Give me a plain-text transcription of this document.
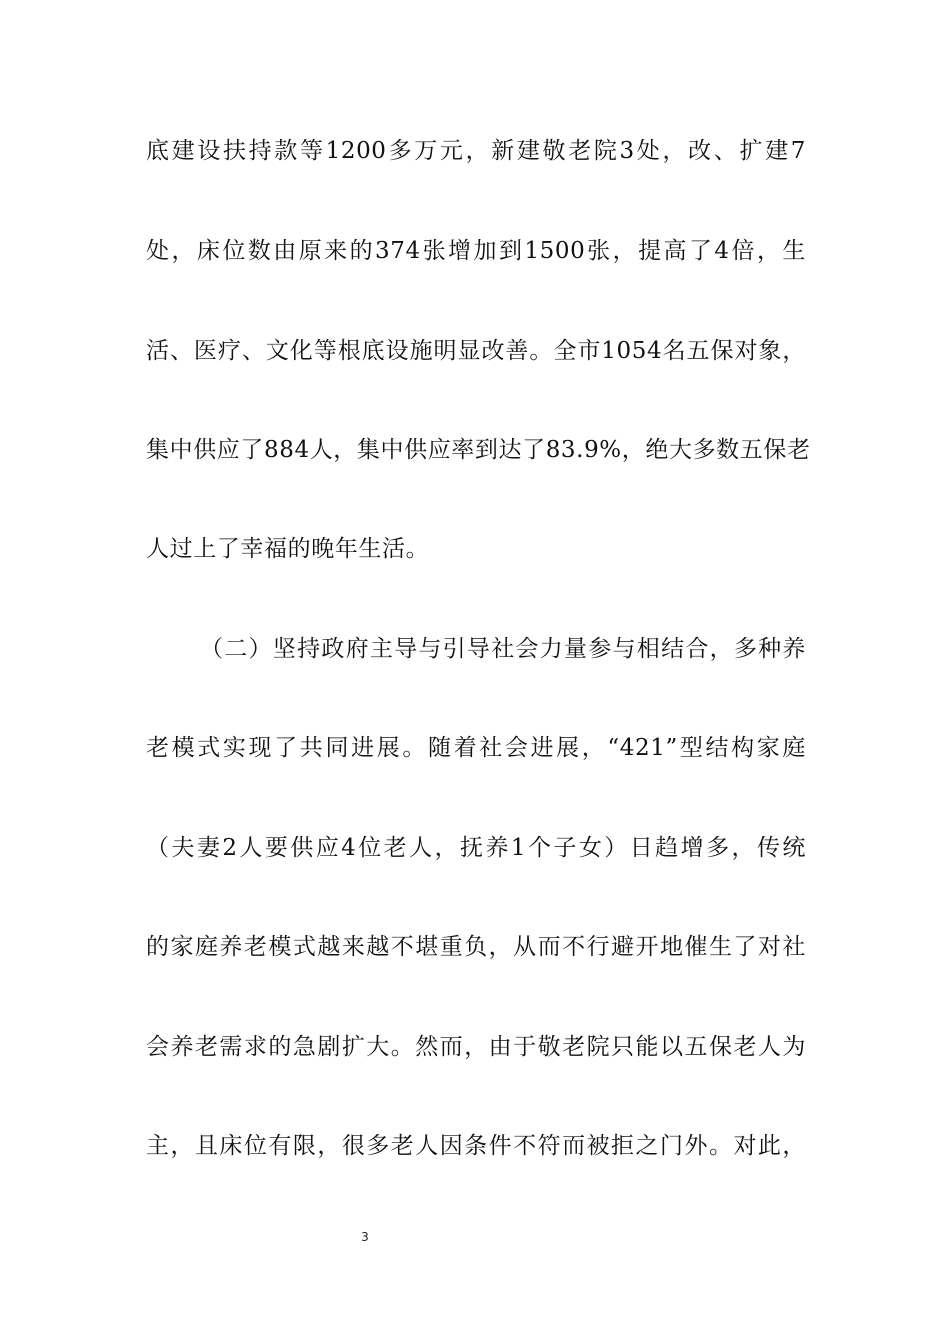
底建设扶持款等1200多万元，新建敬老院3处，改、扩建7
处，床位数由原来的374张增加到1500张，提高了4倍，生
活、医疗、文化等根底设施明显改善。全市1054名五保对象，
集中供应了884人，集中供应率到达了83.9%，绝大多数五保老
人过上了幸福的晚年生活。
（二）坚持政府主导与引导社会力量参与相结合，多种养
老模式实现了共同进展。随着社会进展，“421”型结构家庭
（夫妻2人要供应4位老人，抚养1个子女）日趋增多，传统
的家庭养老模式越来越不堪重负，从而不行避开地催生了对社
会养老需求的急剧扩大。然而，由于敬老院只能以五保老人为
主，且床位有限，很多老人因条件不符而被拒之门外。对此，
3
